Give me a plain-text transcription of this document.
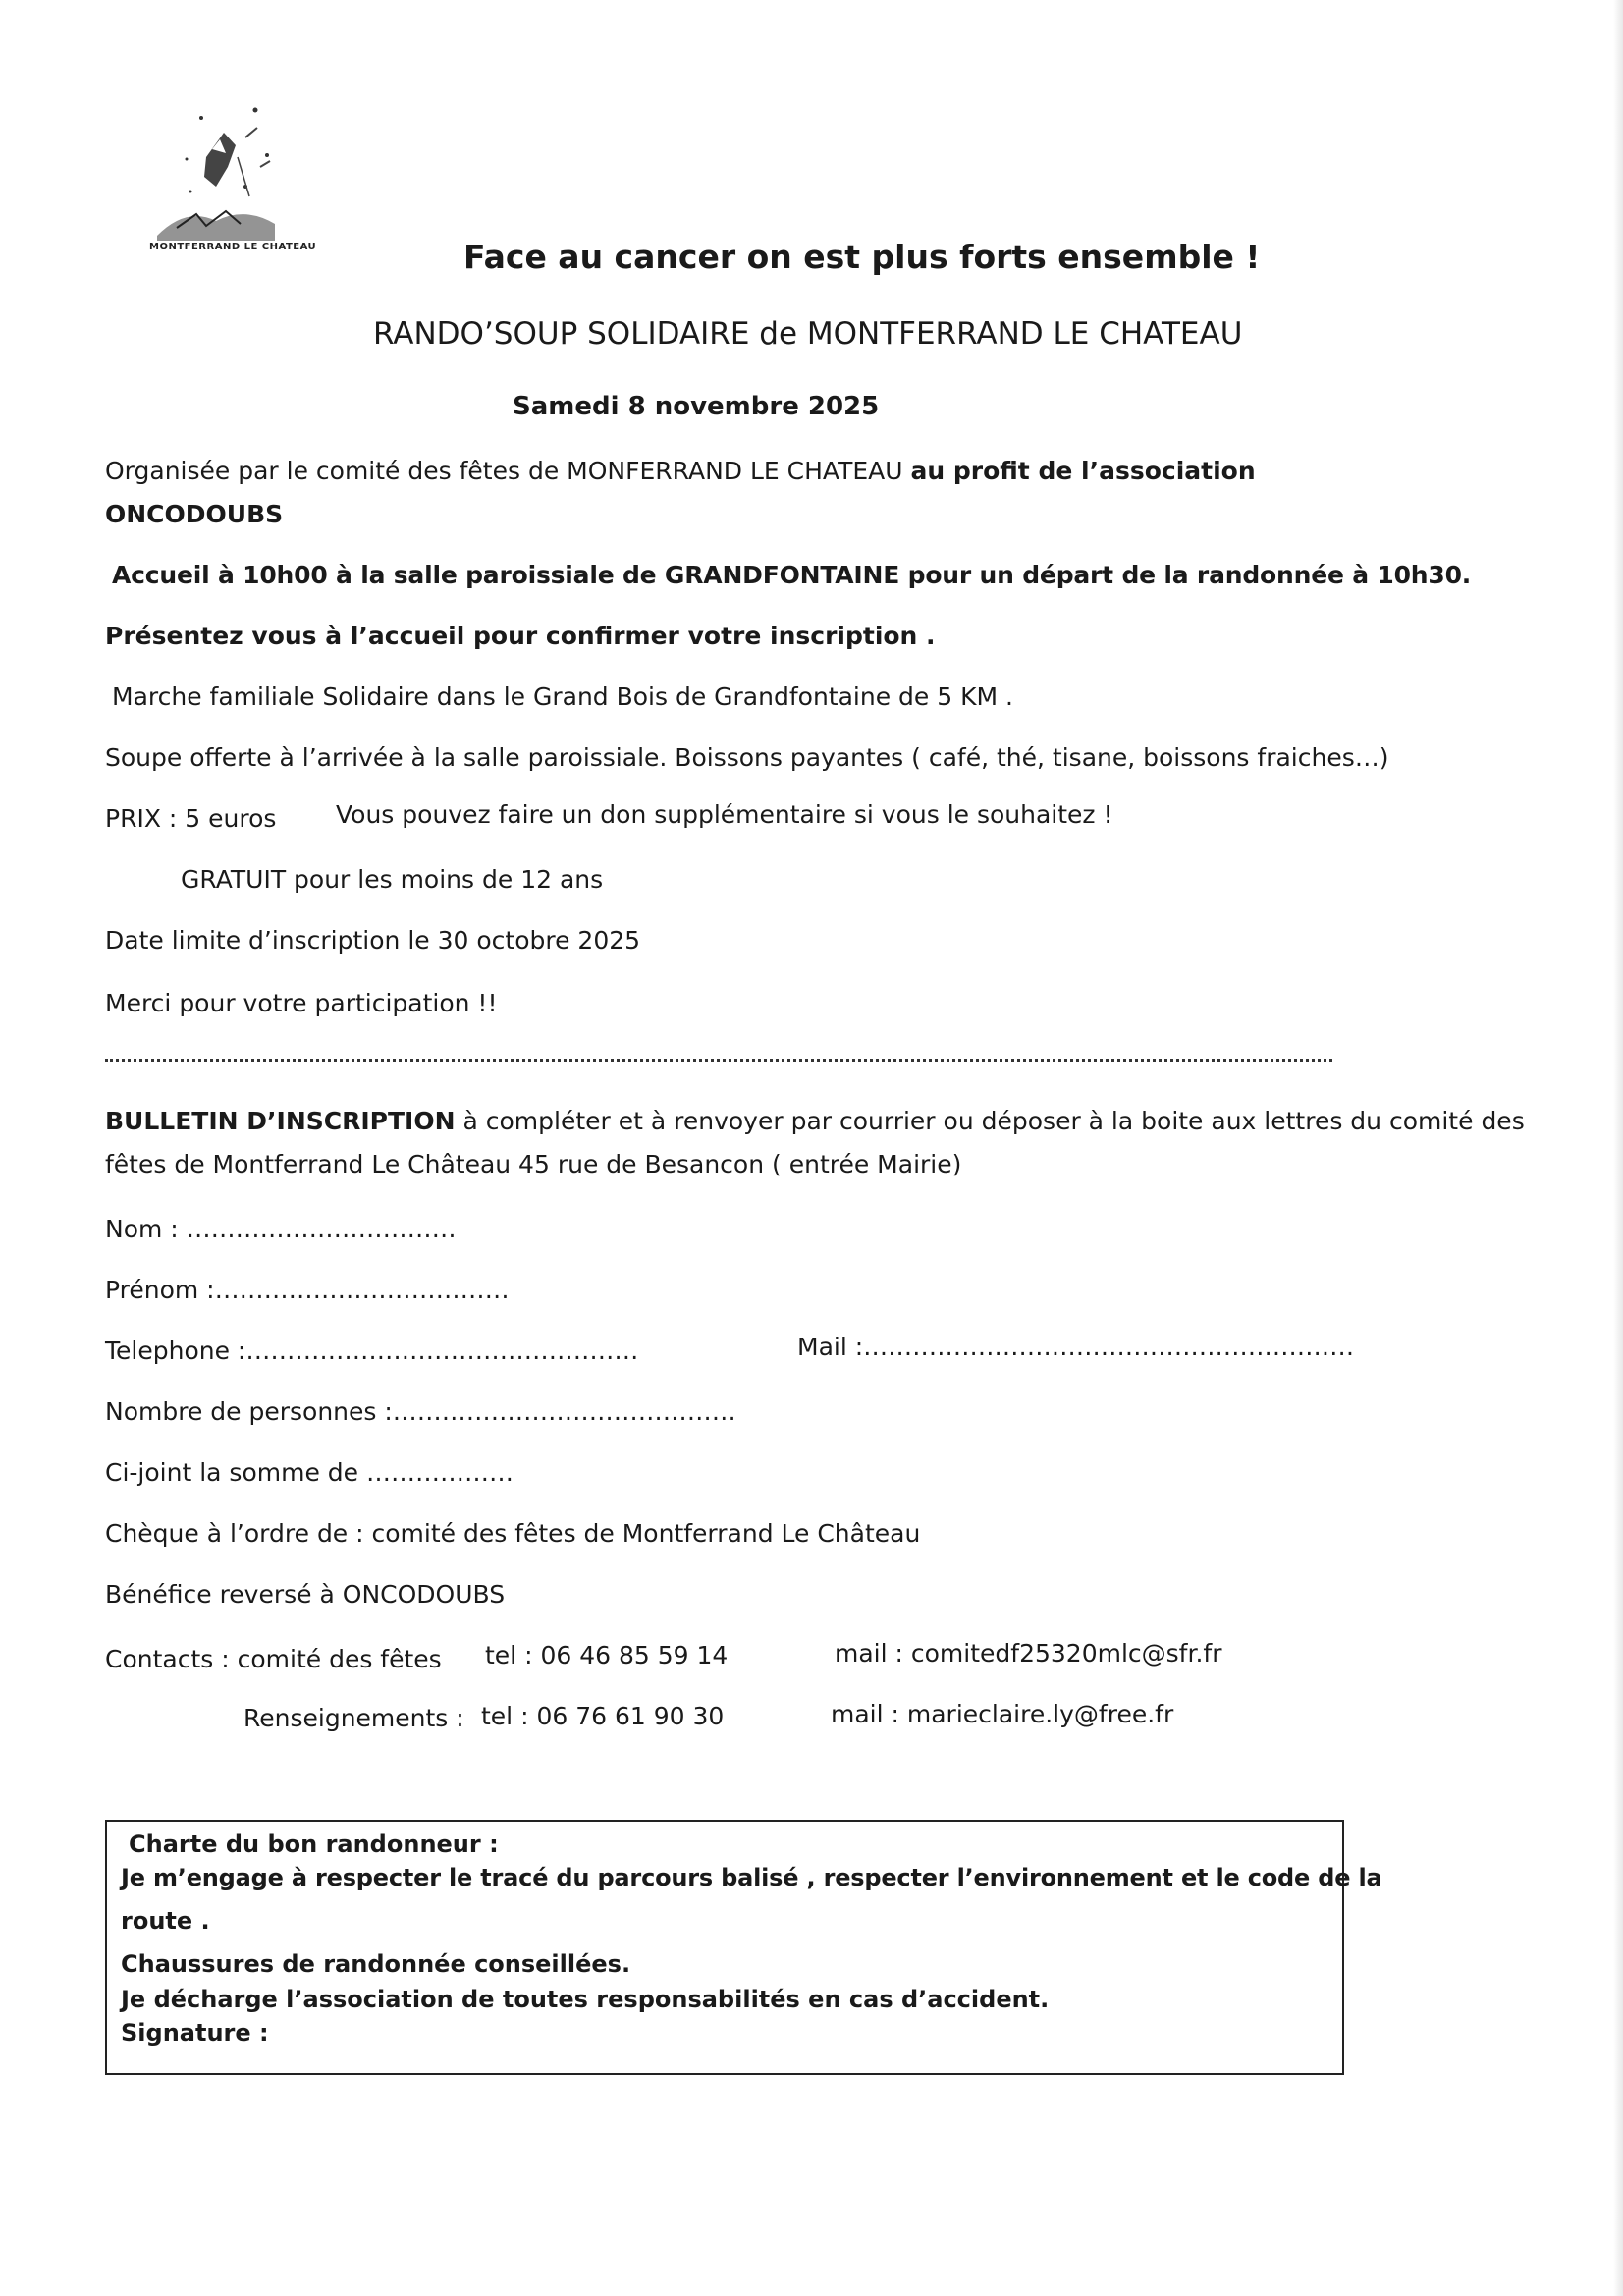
MONTFERRAND LE CHATEAU	Face au cancer on est plus forts ensemble !
RANDO’SOUP SOLIDAIRE de MONTFERRAND LE CHATEAU
Samedi 8 novembre 2025
Organisée par le comité des fêtes de MONFERRAND LE CHATEAU au profit de l’association
ONCODOUBS
Accueil à 10h00 à la salle paroissiale de GRANDFONTAINE pour un départ de la randonnée à 10h30.
Présentez vous à l’accueil pour confirmer votre inscription .
Marche familiale Solidaire dans le Grand Bois de Grandfontaine de 5 KM .
Soupe offerte à l’arrivée à la salle paroissiale. Boissons payantes ( café, thé, tisane, boissons fraiches…)
PRIX : 5 euros Vous pouvez faire un don supplémentaire si vous le souhaitez !
GRATUIT pour les moins de 12 ans
Date limite d’inscription le 30 octobre 2025
Merci pour votre participation !!
BULLETIN D’INSCRIPTION à compléter et à renvoyer par courrier ou déposer à la boite aux lettres du comité des
fêtes de Montferrand Le Château 45 rue de Besancon ( entrée Mairie)
Nom : ……………………………
Prénom :………………………………
Telephone :…………………………………………	Mail :……………………………………………………
Nombre de personnes :……………………………………
Ci-joint la somme de ………………
Chèque à l’ordre de : comité des fêtes de Montferrand Le Château
Bénéfice reversé à ONCODOUBS
Contacts : comité des fêtes tel : 06 46 85 59 14	mail : comitedf25320mlc@sfr.fr
Renseignements : tel : 06 76 61 90 30	mail : marieclaire.ly@free.fr
Charte du bon randonneur :
Je m’engage à respecter le tracé du parcours balisé , respecter l’environnement et le code de la
route .
Chaussures de randonnée conseillées.
Je décharge l’association de toutes responsabilités en cas d’accident.
Signature :
